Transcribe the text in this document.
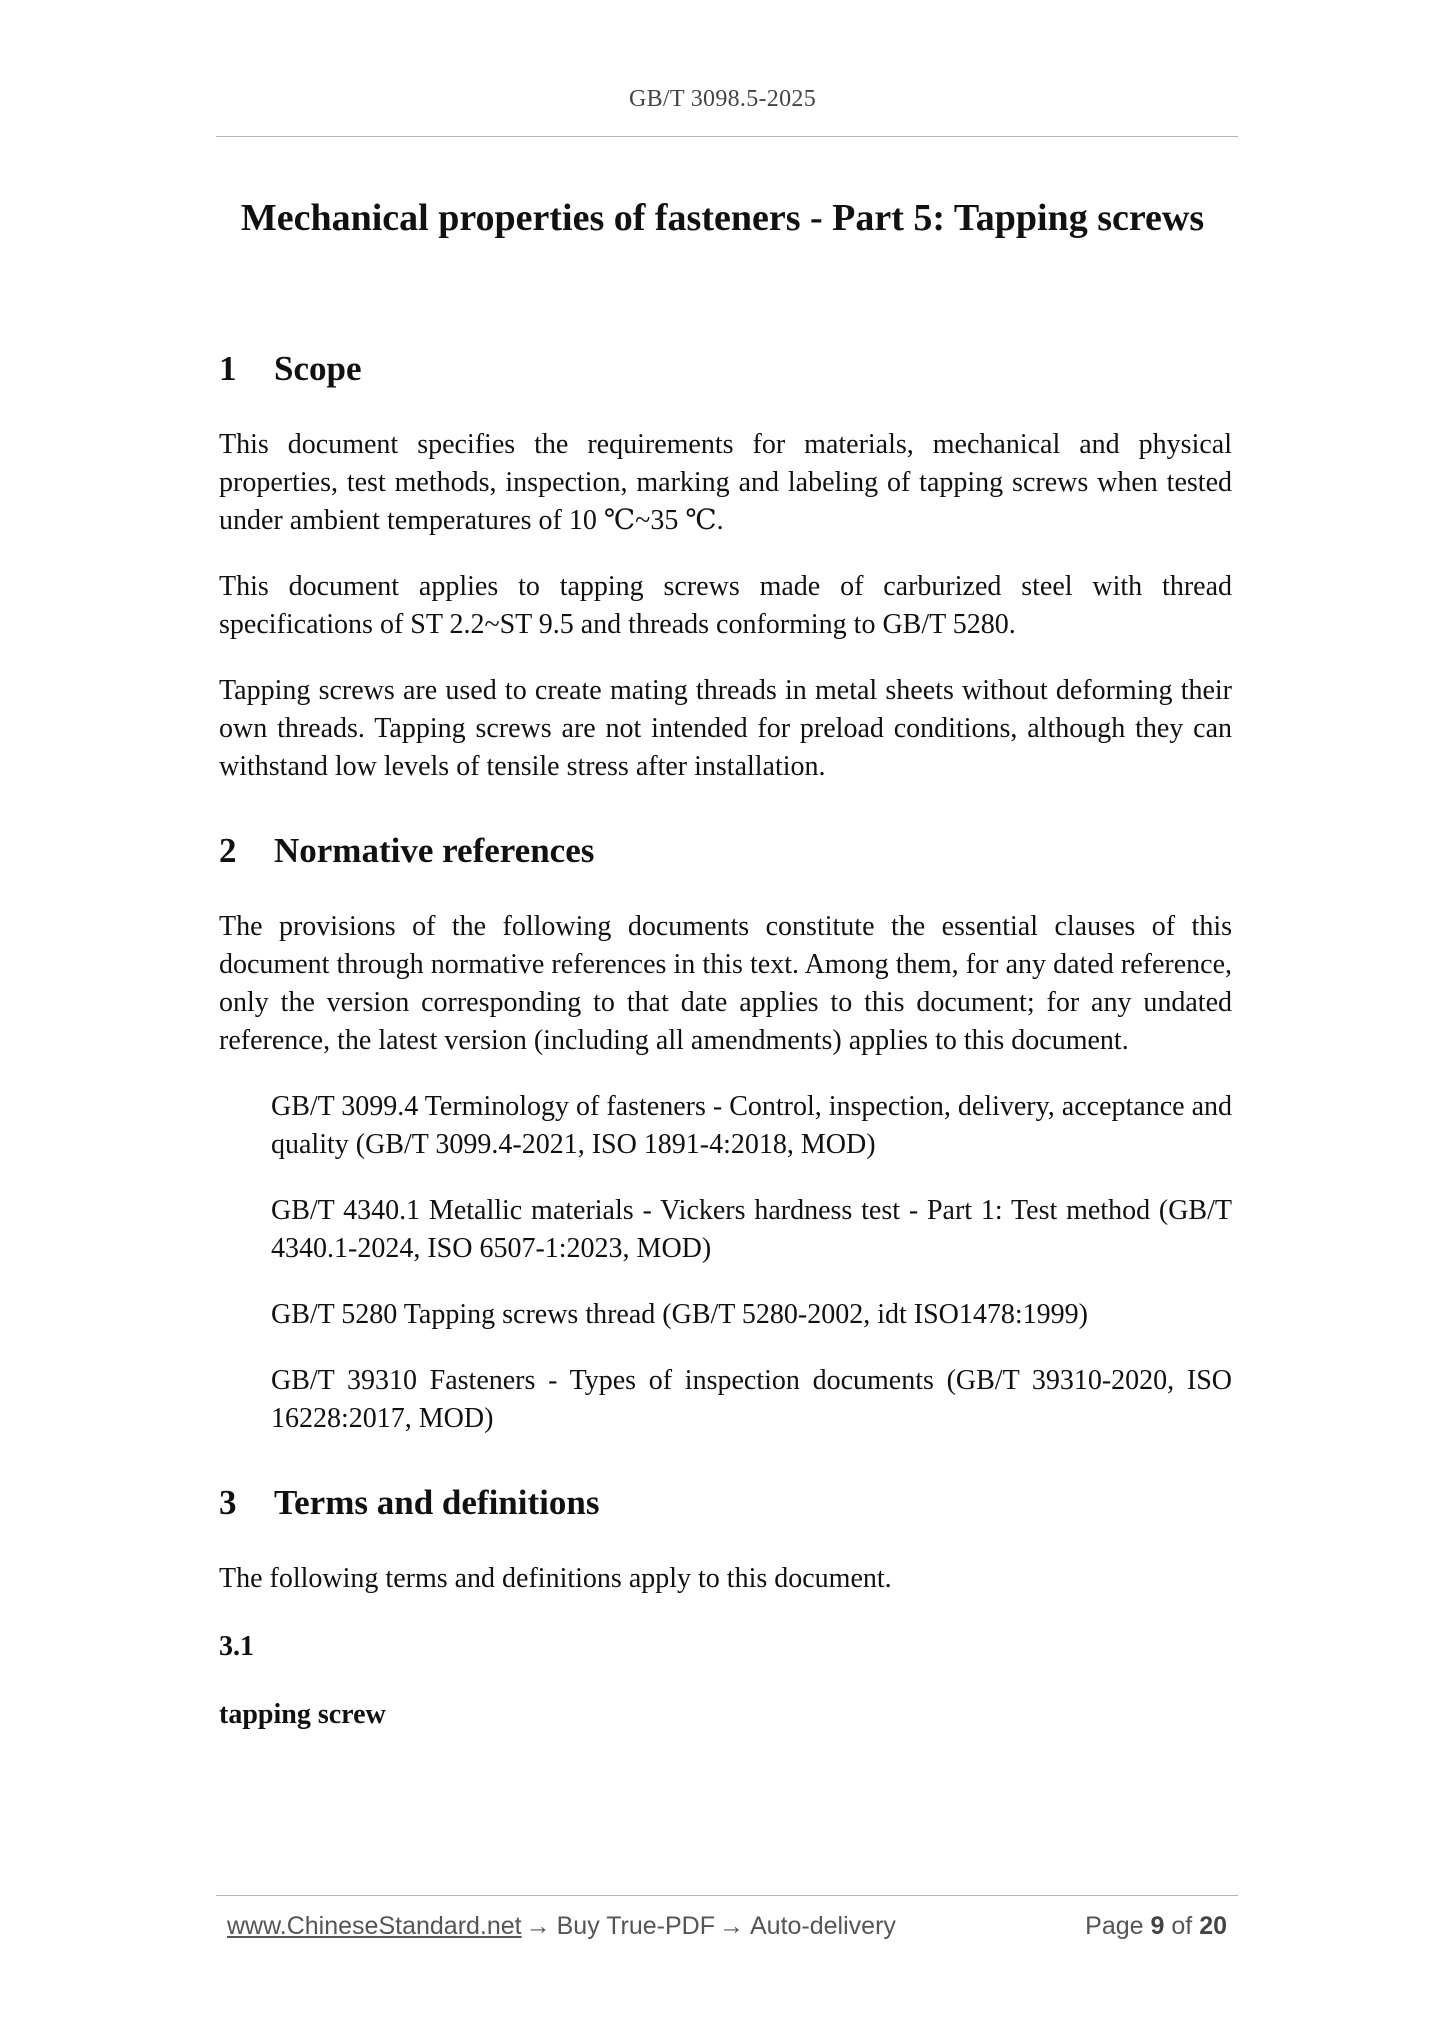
GB/T 3098.5-2025
Mechanical properties of fasteners - Part 5: Tapping screws
1 Scope

This document specifies the requirements for materials, mechanical and physical properties, test methods, inspection, marking and labeling of tapping screws when tested under ambient temperatures of 10 ℃~35 ℃.

This document applies to tapping screws made of carburized steel with thread specifications of ST 2.2~ST 9.5 and threads conforming to GB/T 5280.

Tapping screws are used to create mating threads in metal sheets without deforming their own threads. Tapping screws are not intended for preload conditions, although they can withstand low levels of tensile stress after installation.

2 Normative references

The provisions of the following documents constitute the essential clauses of this document through normative references in this text. Among them, for any dated reference, only the version corresponding to that date applies to this document; for any undated reference, the latest version (including all amendments) applies to this document.

GB/T 3099.4 Terminology of fasteners - Control, inspection, delivery, acceptance and quality (GB/T 3099.4-2021, ISO 1891-4:2018, MOD)

GB/T 4340.1 Metallic materials - Vickers hardness test - Part 1: Test method (GB/T 4340.1-2024, ISO 6507-1:2023, MOD)

GB/T 5280 Tapping screws thread (GB/T 5280-2002, idt ISO1478:1999)

GB/T 39310 Fasteners - Types of inspection documents (GB/T 39310-2020, ISO 16228:2017, MOD)

3 Terms and definitions

The following terms and definitions apply to this document.

3.1

tapping screw

www.ChineseStandard.net → Buy True-PDF → Auto-delivery	Page 9 of 20
